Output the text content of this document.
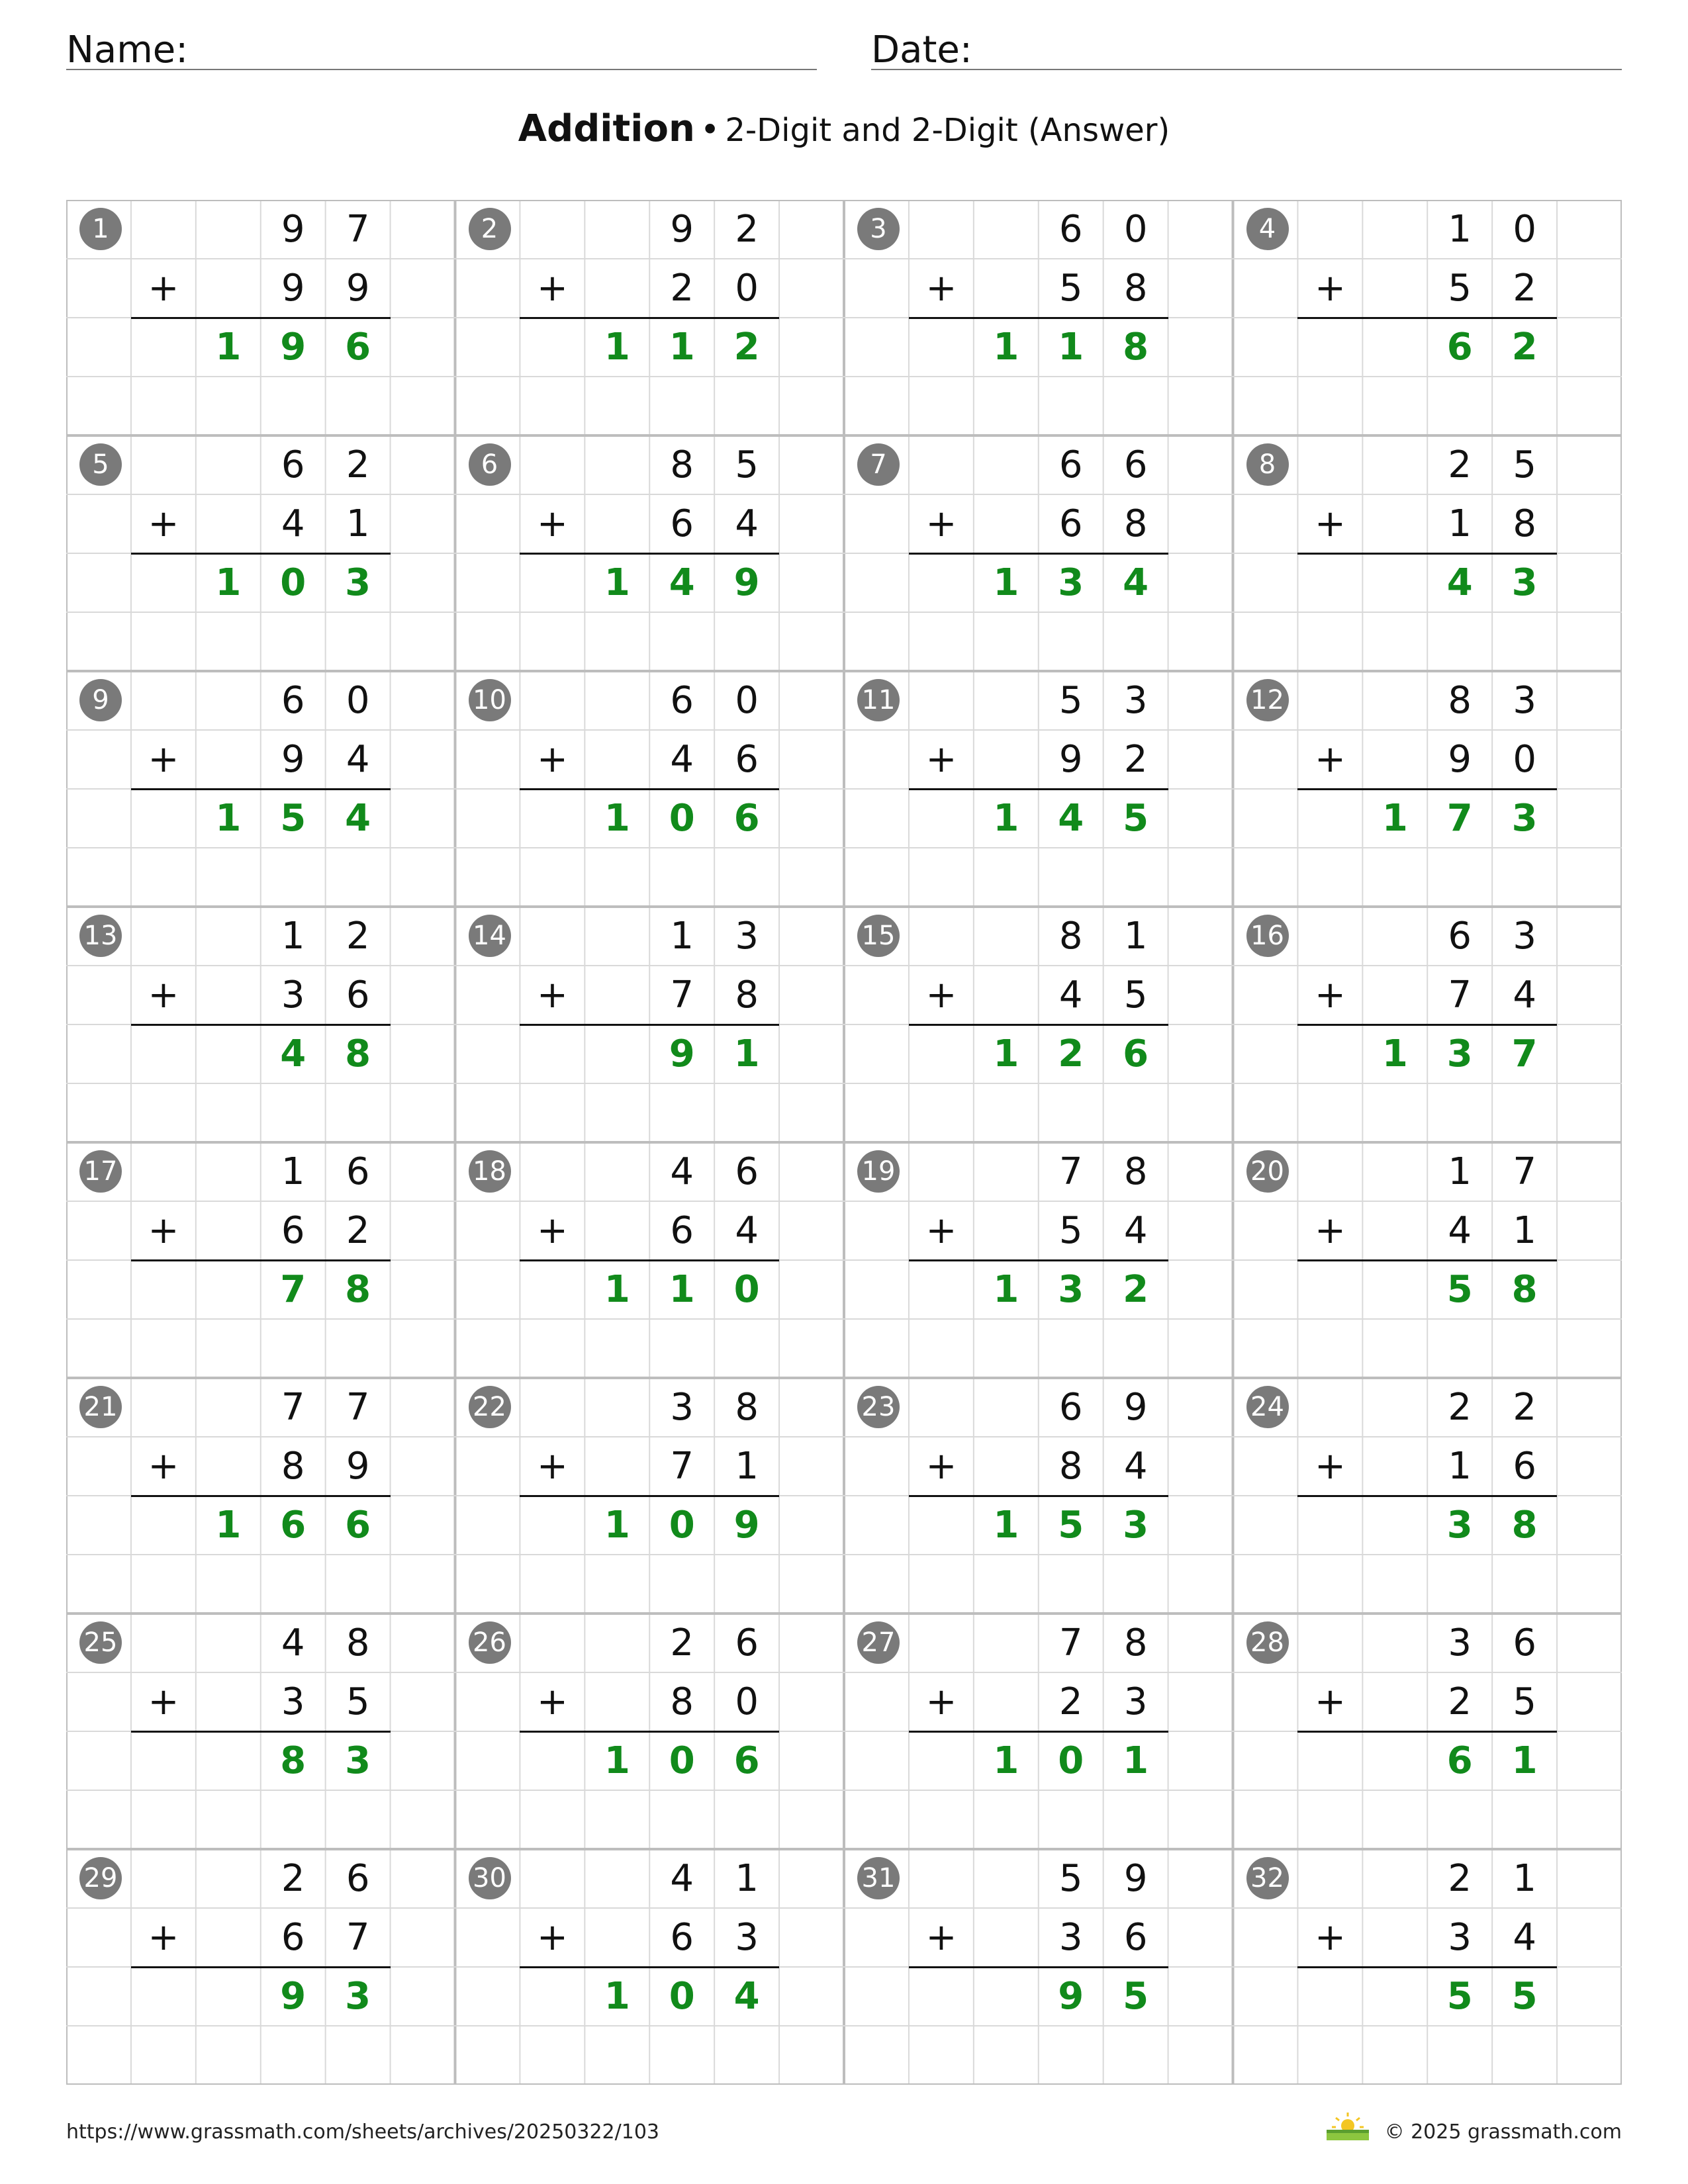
Name:	Date:
Addition • 2-Digit and 2-Digit (Answer)
1	9	7
+	9	9
1	9	6
2	9	2
+	2	0
1	1	2
3	6	0
+	5	8
1	1	8
4	1	0
+	5	2
6	2
5	6	2
+	4	1
1	0	3
6	8	5
+	6	4
1	4	9
7	6	6
+	6	8
1	3	4
8	2	5
+	1	8
4	3
9	6	0
+	9	4
1	5	4
10	6	0
+	4	6
1	0	6
11	5	3
+	9	2
1	4	5
12	8	3
+	9	0
1	7	3
13	1	2
+	3	6
4	8
14	1	3
+	7	8
9	1
15	8	1
+	4	5
1	2	6
16	6	3
+	7	4
1	3	7
17	1	6
+	6	2
7	8
18	4	6
+	6	4
1	1	0
19	7	8
+	5	4
1	3	2
20	1	7
+	4	1
5	8
21	7	7
+	8	9
1	6	6
22	3	8
+	7	1
1	0	9
23	6	9
+	8	4
1	5	3
24	2	2
+	1	6
3	8
25	4	8
+	3	5
8	3
26	2	6
+	8	0
1	0	6
27	7	8
+	2	3
1	0	1
28	3	6
+	2	5
6	1
29	2	6
+	6	7
9	3
30	4	1
+	6	3
1	0	4
31	5	9
+	3	6
9	5
32	2	1
+	3	4
5	5
https://www.grassmath.com/sheets/archives/20250322/103	© 2025 grassmath.com
